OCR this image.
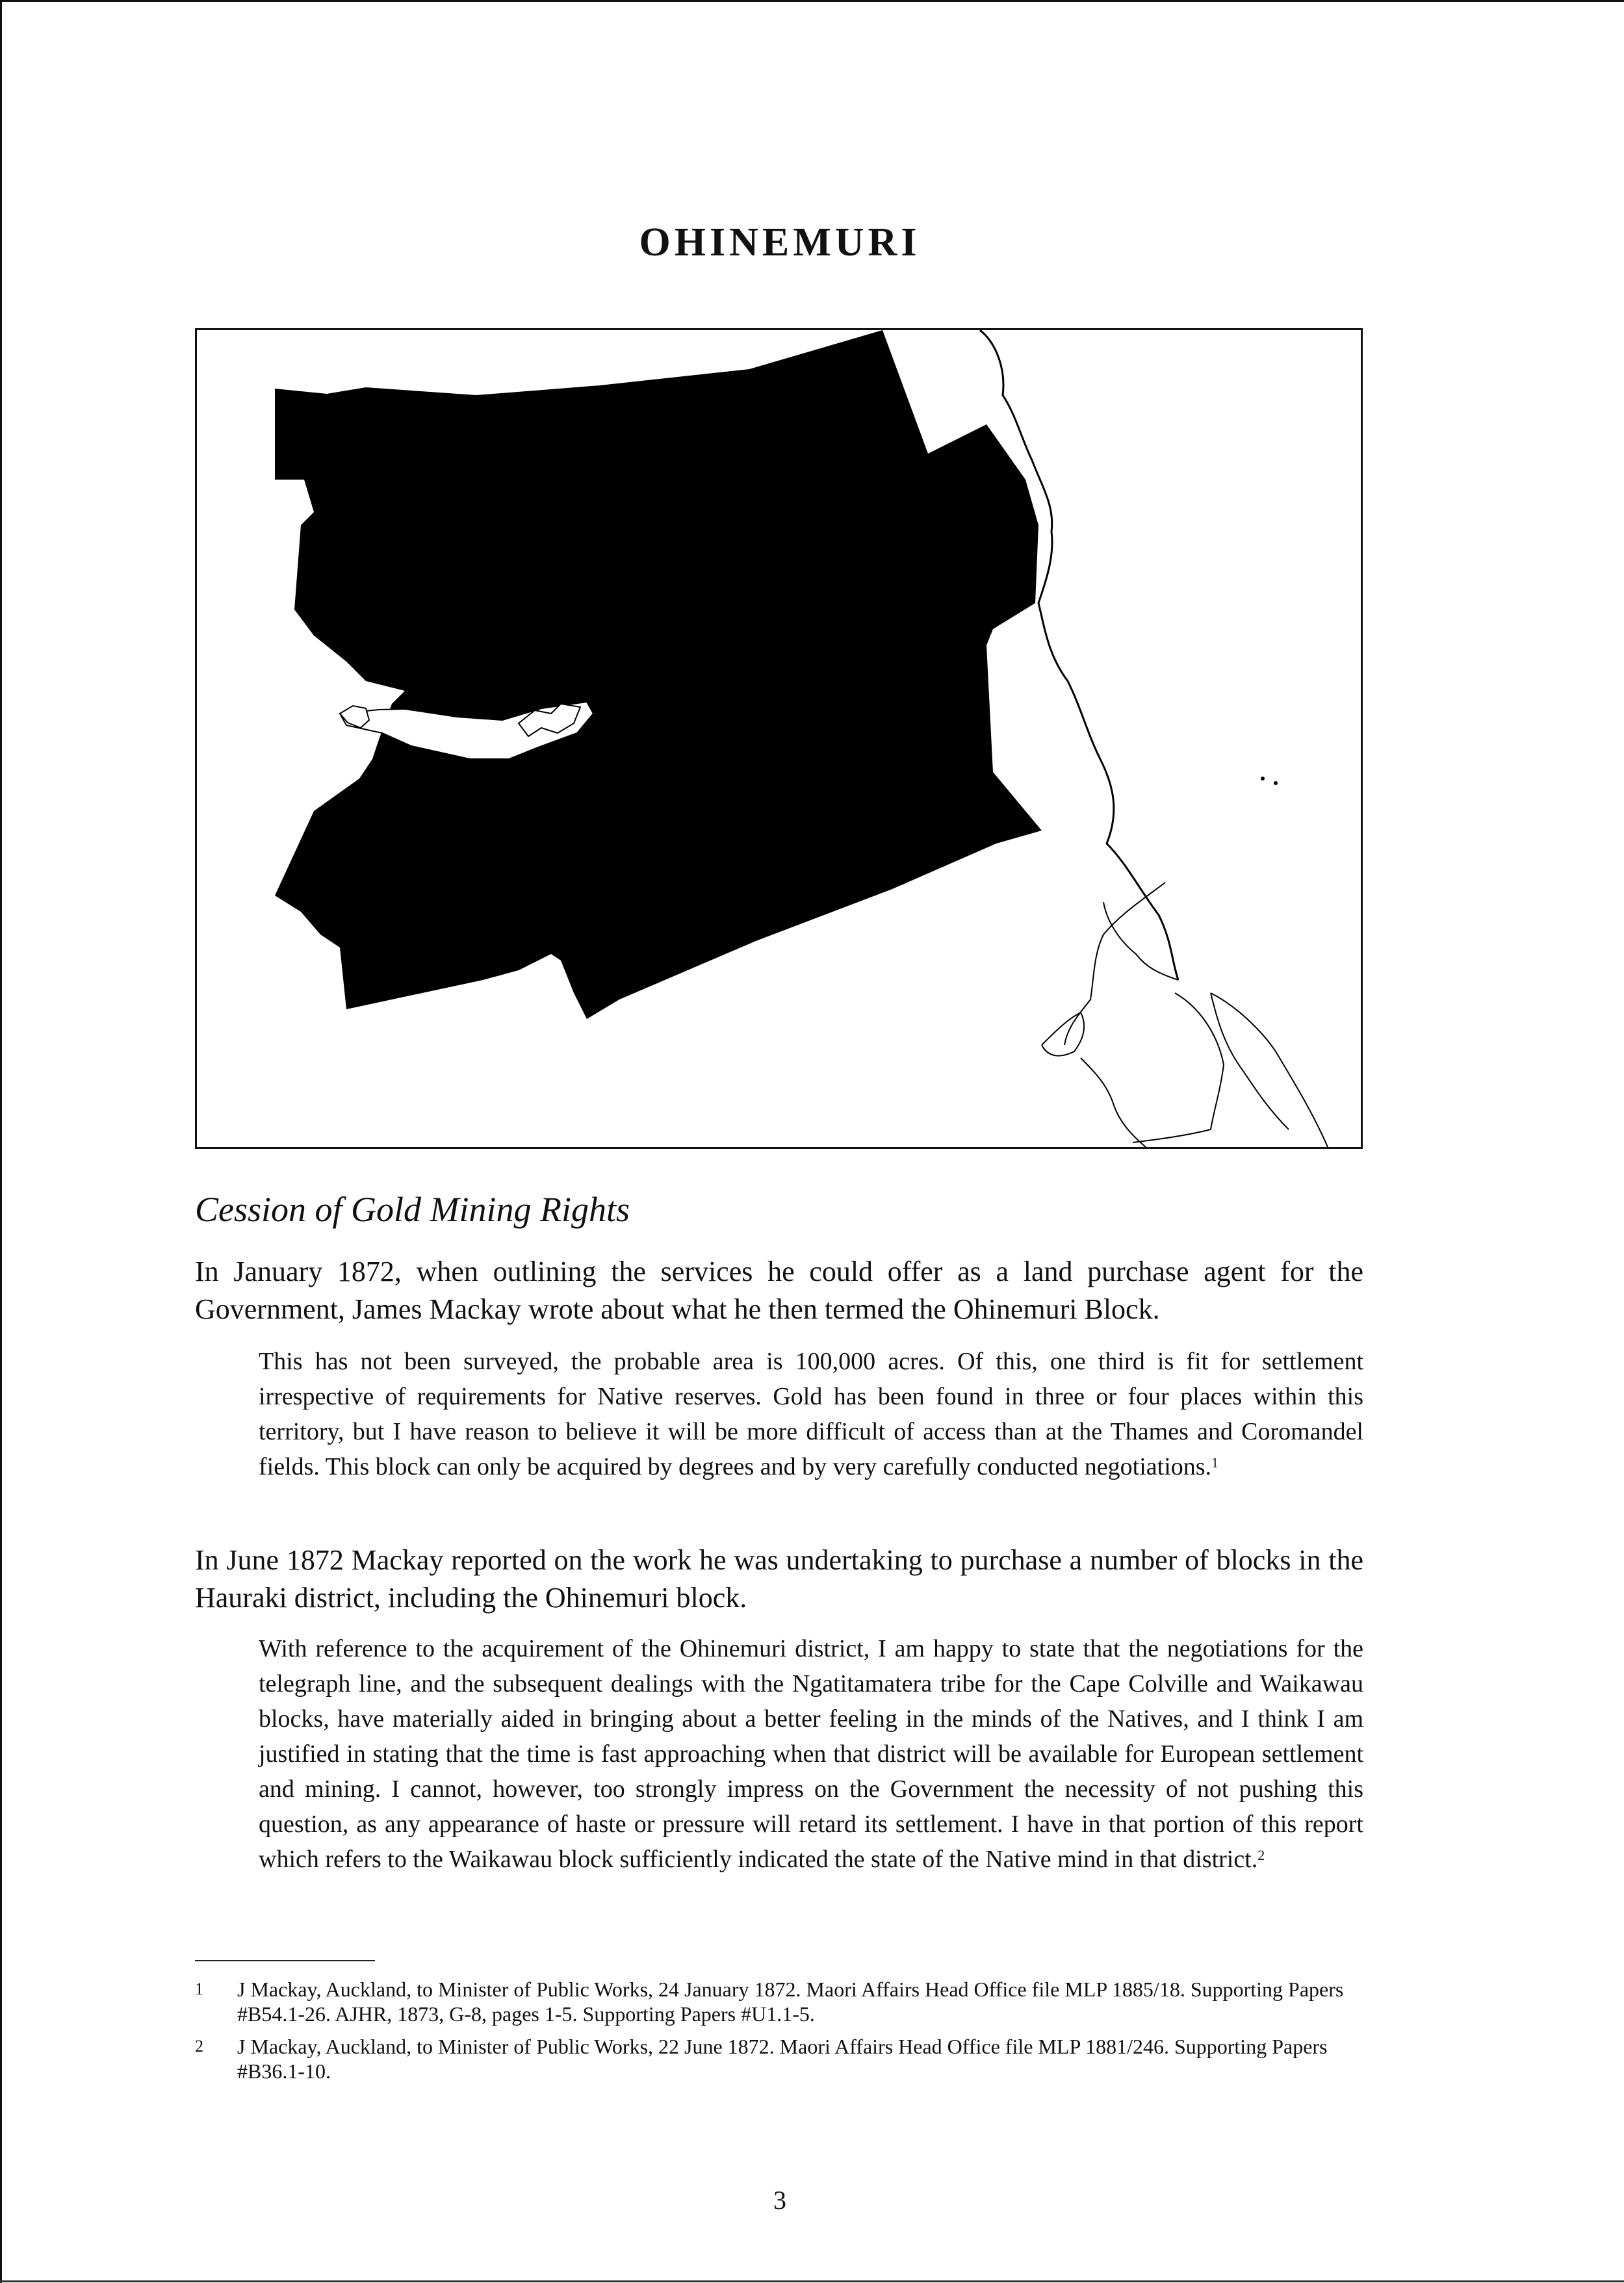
OHINEMURI
Cession of Gold Mining Rights

In January 1872, when outlining the services he could offer as a land purchase agent for the Government, James Mackay wrote about what he then termed the Ohinemuri Block.

This has not been surveyed, the probable area is 100,000 acres. Of this, one third is fit for settlement irrespective of requirements for Native reserves. Gold has been found in three or four places within this territory, but I have reason to believe it will be more difficult of access than at the Thames and Coromandel fields. This block can only be acquired by degrees and by very carefully conducted negotiations.$^1$

In June 1872 Mackay reported on the work he was undertaking to purchase a number of blocks in the Hauraki district, including the Ohinemuri block.

With reference to the acquirement of the Ohinemuri district, I am happy to state that the negotiations for the telegraph line, and the subsequent dealings with the Ngatitamatera tribe for the Cape Colville and Waikawau blocks, have materially aided in bringing about a better feeling in the minds of the Natives, and I think I am justified in stating that the time is fast approaching when that district will be available for European settlement and mining. I cannot, however, too strongly impress on the Government the necessity of not pushing this question, as any appearance of haste or pressure will retard its settlement. I have in that portion of this report which refers to the Waikawau block sufficiently indicated the state of the Native mind in that district.$^2$

1 J Mackay, Auckland, to Minister of Public Works, 24 January 1872. Maori Affairs Head Office file MLP 1885/18. Supporting Papers #B54.1-26. AJHR, 1873, G-8, pages 1-5. Supporting Papers #U1.1-5.
2 J Mackay, Auckland, to Minister of Public Works, 22 June 1872. Maori Affairs Head Office file MLP 1881/246. Supporting Papers #B36.1-10.
3
